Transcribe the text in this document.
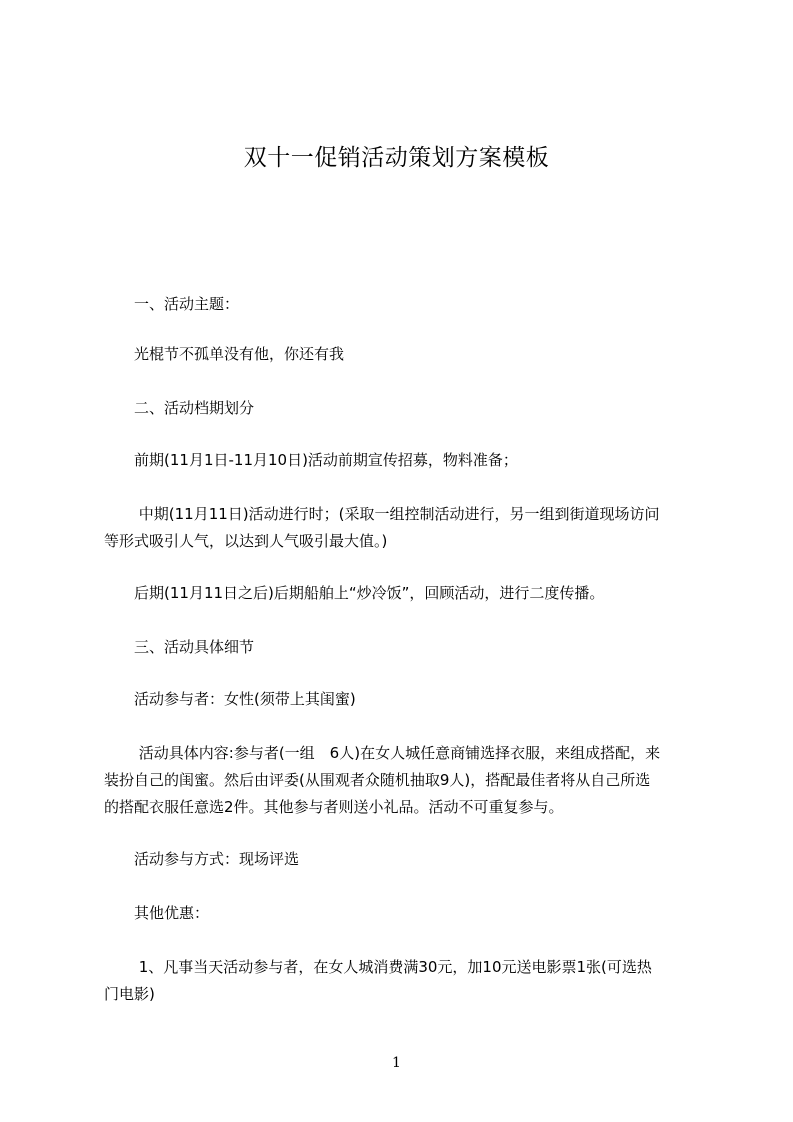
双十一促销活动策划方案模板
　　一、活动主题：
　　光棍节不孤单没有他，你还有我
　　二、活动档期划分
　　前期(11月1日-11月10日)活动前期宣传招募，物料准备；
　　 中期(11月11日)活动进行时；(采取一组控制活动进行，另一组到街道现场访问
等形式吸引人气，以达到人气吸引最大值。)
　　后期(11月11日之后)后期船舶上“炒冷饭”，回顾活动，进行二度传播。
　　三、活动具体细节
　　活动参与者：女性(须带上其闺蜜)
　　 活动具体内容:参与者(一组　6人)在女人城任意商铺选择衣服，来组成搭配，来
装扮自己的闺蜜。然后由评委(从围观者众随机抽取9人)，搭配最佳者将从自己所选
的搭配衣服任意选2件。其他参与者则送小礼品。活动不可重复参与。
　　活动参与方式：现场评选
　　其他优惠：
　　 1、凡事当天活动参与者，在女人城消费满30元，加10元送电影票1张(可选热
门电影)
1
